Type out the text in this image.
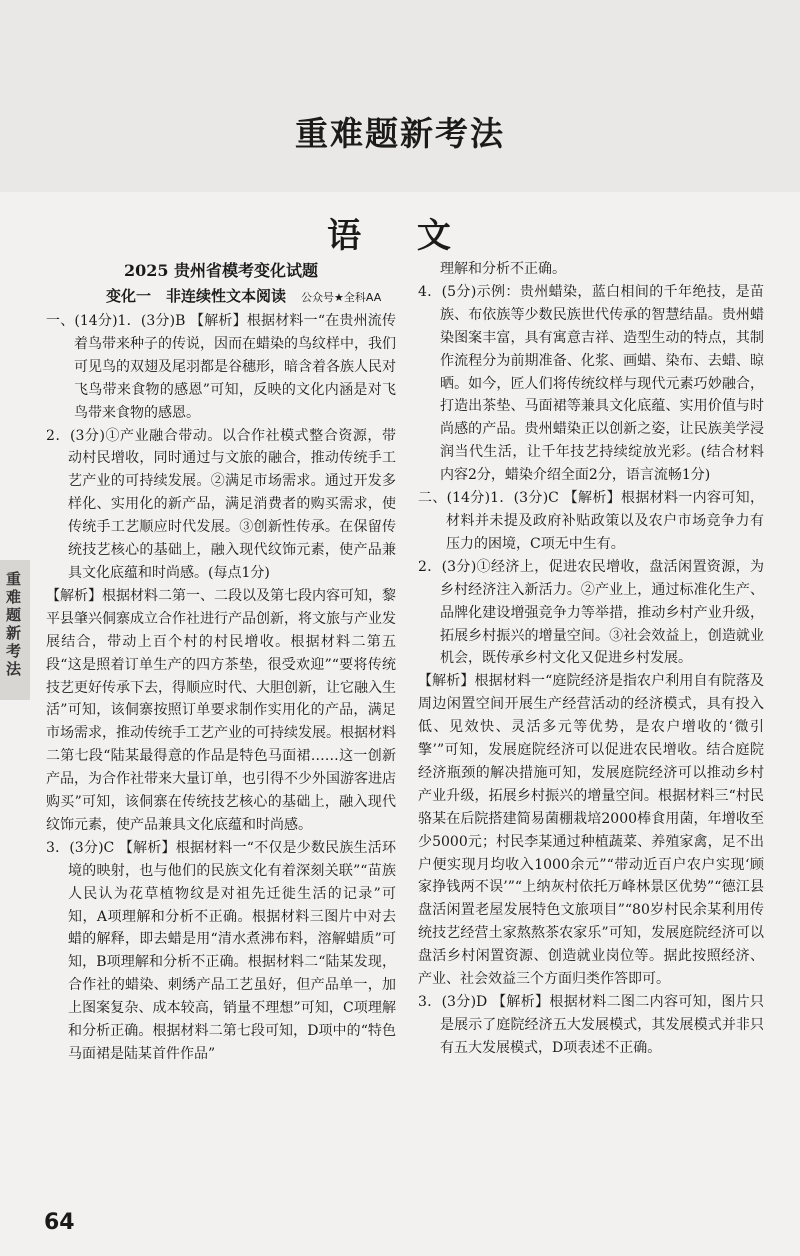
重难题新考法
语 文
重难题新考法

2025 贵州省模考变化试题

变化一　非连续性文本阅读　 公众号★全科AA

一、(14分)1．(3分)B 【解析】根据材料一“在贵州流传着鸟带来种子的传说，因而在蜡染的鸟纹样中，我们可见鸟的双翅及尾羽都是谷穗形，暗含着各族人民对飞鸟带来食物的感恩”可知，反映的文化内涵是对飞鸟带来食物的感恩。

2．(3分)①产业融合带动。以合作社模式整合资源，带动村民增收，同时通过与文旅的融合，推动传统手工艺产业的可持续发展。②满足市场需求。通过开发多样化、实用化的新产品，满足消费者的购买需求，使传统手工艺顺应时代发展。③创新性传承。在保留传统技艺核心的基础上，融入现代纹饰元素，使产品兼具文化底蕴和时尚感。(每点1分)

【解析】根据材料二第一、二段以及第七段内容可知，黎平县肇兴侗寨成立合作社进行产品创新，将文旅与产业发展结合，带动上百个村的村民增收。根据材料二第五段“这是照着订单生产的四方茶垫，很受欢迎”“要将传统技艺更好传承下去，得顺应时代、大胆创新，让它融入生活”可知，该侗寨按照订单要求制作实用化的产品，满足市场需求，推动传统手工艺产业的可持续发展。根据材料二第七段“陆某最得意的作品是特色马面裙……这一创新产品，为合作社带来大量订单，也引得不少外国游客进店购买”可知，该侗寨在传统技艺核心的基础上，融入现代纹饰元素，使产品兼具文化底蕴和时尚感。

3．(3分)C 【解析】根据材料一“不仅是少数民族生活环境的映射，也与他们的民族文化有着深刻关联”“苗族人民认为花草植物纹是对祖先迁徙生活的记录”可知，A项理解和分析不正确。根据材料三图片中对去蜡的解释，即去蜡是用“清水煮沸布料，溶解蜡质”可知，B项理解和分析不正确。根据材料二“陆某发现，合作社的蜡染、刺绣产品工艺虽好，但产品单一，加上图案复杂、成本较高，销量不理想”可知，C项理解和分析正确。根据材料二第七段可知，D项中的“特色马面裙是陆某首件作品”

理解和分析不正确。

4．(5分)示例：贵州蜡染，蓝白相间的千年绝技，是苗族、布依族等少数民族世代传承的智慧结晶。贵州蜡染图案丰富，具有寓意吉祥、造型生动的特点，其制作流程分为前期准备、化浆、画蜡、染布、去蜡、晾晒。如今，匠人们将传统纹样与现代元素巧妙融合，打造出茶垫、马面裙等兼具文化底蕴、实用价值与时尚感的产品。贵州蜡染正以创新之姿，让民族美学浸润当代生活，让千年技艺持续绽放光彩。(结合材料内容2分，蜡染介绍全面2分，语言流畅1分)

二、(14分)1．(3分)C 【解析】根据材料一内容可知，材料并未提及政府补贴政策以及农户市场竞争力有压力的困境，C项无中生有。

2．(3分)①经济上，促进农民增收，盘活闲置资源，为乡村经济注入新活力。②产业上，通过标准化生产、品牌化建设增强竞争力等举措，推动乡村产业升级，拓展乡村振兴的增量空间。③社会效益上，创造就业机会，既传承乡村文化又促进乡村发展。

【解析】根据材料一“庭院经济是指农户利用自有院落及周边闲置空间开展生产经营活动的经济模式，具有投入低、见效快、灵活多元等优势，是农户增收的‘微引擎’”可知，发展庭院经济可以促进农民增收。结合庭院经济瓶颈的解决措施可知，发展庭院经济可以推动乡村产业升级，拓展乡村振兴的增量空间。根据材料三“村民骆某在后院搭建简易菌棚栽培2000棒食用菌，年增收至少5000元；村民李某通过种植蔬菜、养殖家禽，足不出户便实现月均收入1000余元”“带动近百户农户实现‘顾家挣钱两不误’”“上纳灰村依托万峰林景区优势”“德江县盘活闲置老屋发展特色文旅项目”“80岁村民余某利用传统技艺经营土家熬熬茶农家乐”可知，发展庭院经济可以盘活乡村闲置资源、创造就业岗位等。据此按照经济、产业、社会效益三个方面归类作答即可。

3．(3分)D 【解析】根据材料二图二内容可知，图片只是展示了庭院经济五大发展模式，其发展模式并非只有五大发展模式，D项表述不正确。

64
